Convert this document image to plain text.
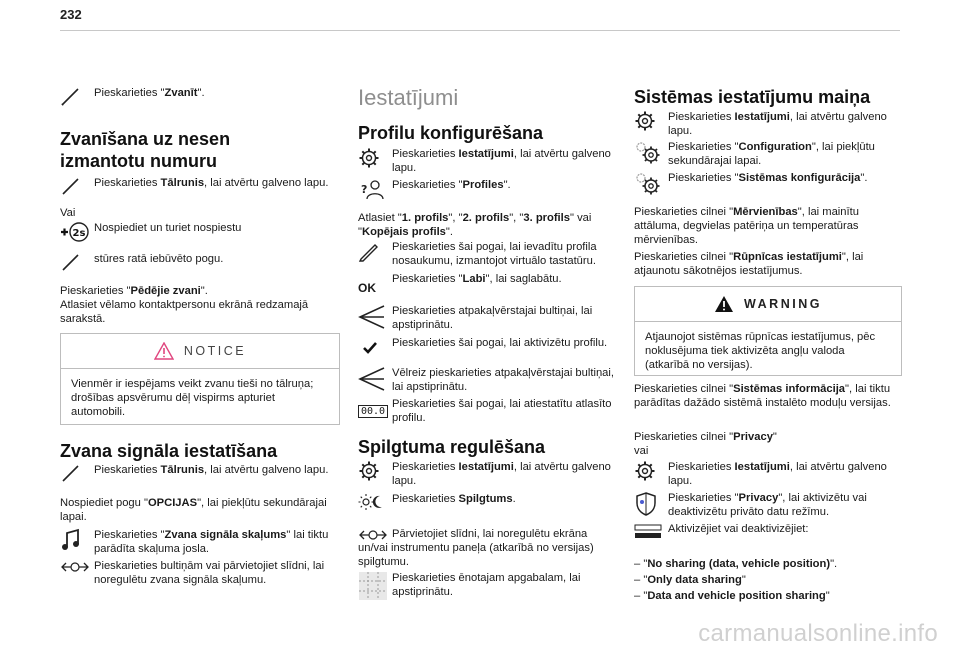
232
Pieskarieties "Zvanīt".
Zvanīšana uz nesen izmantotu numuru
Pieskarieties Tālrunis, lai atvērtu galveno lapu.
Vai
2s Nospiediet un turiet nospiestu
stūres ratā iebūvēto pogu.
Pieskarieties "Pēdējie zvani".
Atlasiet vēlamo kontaktpersonu ekrānā redzamajā sarakstā.
NOTICE
Vienmēr ir iespējams veikt zvanu tieši no tālruņa; drošības apsvērumu dēļ vispirms apturiet automobili.
Zvana signāla iestatīšana
Pieskarieties Tālrunis, lai atvērtu galveno lapu.
Nospiediet pogu "OPCIJAS", lai piekļūtu sekundārajai lapai.
Pieskarieties "Zvana signāla skaļums" lai tiktu parādīta skaļuma josla.
Pieskarieties bultiņām vai pārvietojiet slīdni, lai noregulētu zvana signāla skaļumu.
Iestatījumi
Profilu konfigurēšana
Pieskarieties Iestatījumi, lai atvērtu galveno lapu.
? Pieskarieties "Profiles".
Atlasiet "1. profils", "2. profils", "3. profils" vai "Kopējais profils".
Pieskarieties šai pogai, lai ievadītu profila nosaukumu, izmantojot virtuālo tastatūru.
OK
Pieskarieties "Labi", lai saglabātu.
Pieskarieties atpakaļvērstajai bultiņai, lai apstiprinātu.
Pieskarieties šai pogai, lai aktivizētu profilu.
Vēlreiz pieskarieties atpakaļvērstajai bultiņai, lai apstiprinātu.
00.0
Pieskarieties šai pogai, lai atiestatītu atlasīto profilu.
Spilgtuma regulēšana
Pieskarieties Iestatījumi, lai atvērtu galveno lapu.
Pieskarieties Spilgtums.
Pārvietojiet slīdni, lai noregulētu ekrāna un/vai instrumentu paneļa (atkarībā no versijas) spilgtumu.
Pieskarieties ēnotajam apgabalam, lai apstiprinātu.
Sistēmas iestatījumu maiņa
Pieskarieties Iestatījumi, lai atvērtu galveno lapu.
Pieskarieties "Configuration", lai piekļūtu sekundārajai lapai.
Pieskarieties "Sistēmas konfigurācija".
Pieskarieties cilnei "Mērvienības", lai mainītu attāluma, degvielas patēriņa un temperatūras mērvienības.
Pieskarieties cilnei "Rūpnīcas iestatījumi", lai atjaunotu sākotnējos iestatījumus.
WARNING
Atjaunojot sistēmas rūpnīcas iestatījumus, pēc noklusējuma tiek aktivizēta angļu valoda (atkarībā no versijas).
Pieskarieties cilnei "Sistēmas informācija", lai tiktu parādītas dažādo sistēmā instalēto moduļu versijas.
Pieskarieties cilnei "Privacy"
vai
Pieskarieties Iestatījumi, lai atvērtu galveno lapu.
Pieskarieties "Privacy", lai aktivizētu vai deaktivizētu privāto datu režīmu.
Aktivizējiet vai deaktivizējiet:
– "No sharing (data, vehicle position)".
– "Only data sharing"
– "Data and vehicle position sharing"
carmanualsonline.info
